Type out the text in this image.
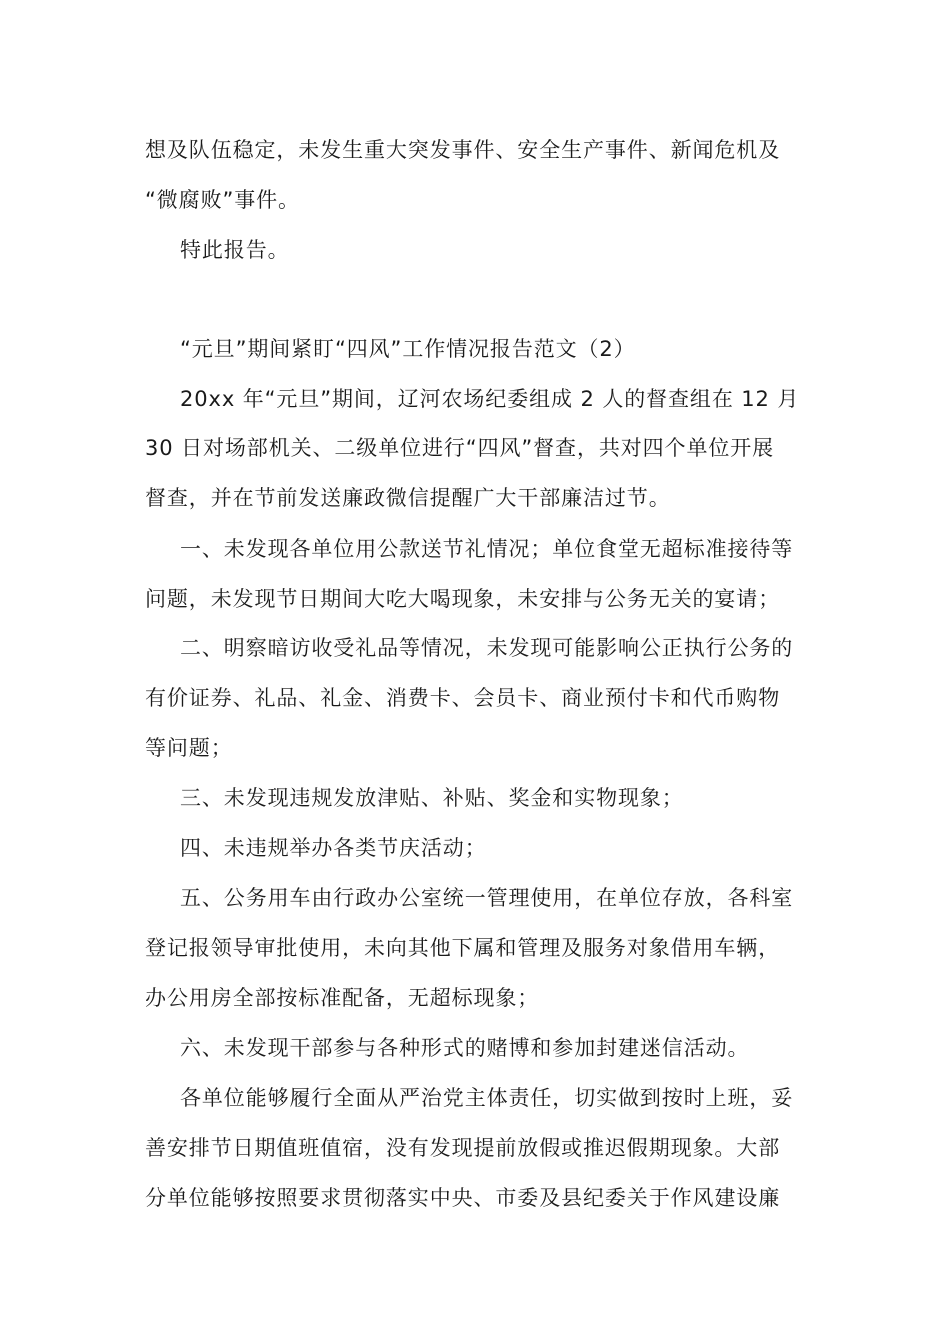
想及队伍稳定，未发生重大突发事件、安全生产事件、新闻危机及
“微腐败”事件。
特此报告。
“元旦”期间紧盯“四风”工作情况报告范文（2）
20xx 年“元旦”期间，辽河农场纪委组成 2 人的督查组在 12 月
30 日对场部机关、二级单位进行“四风”督查，共对四个单位开展
督查，并在节前发送廉政微信提醒广大干部廉洁过节。
一、未发现各单位用公款送节礼情况；单位食堂无超标准接待等
问题，未发现节日期间大吃大喝现象，未安排与公务无关的宴请；
二、明察暗访收受礼品等情况，未发现可能影响公正执行公务的
有价证券、礼品、礼金、消费卡、会员卡、商业预付卡和代币购物
等问题；
三、未发现违规发放津贴、补贴、奖金和实物现象；
四、未违规举办各类节庆活动；
五、公务用车由行政办公室统一管理使用，在单位存放，各科室
登记报领导审批使用，未向其他下属和管理及服务对象借用车辆，
办公用房全部按标准配备，无超标现象；
六、未发现干部参与各种形式的赌博和参加封建迷信活动。
各单位能够履行全面从严治党主体责任，切实做到按时上班，妥
善安排节日期值班值宿，没有发现提前放假或推迟假期现象。大部
分单位能够按照要求贯彻落实中央、市委及县纪委关于作风建设廉
